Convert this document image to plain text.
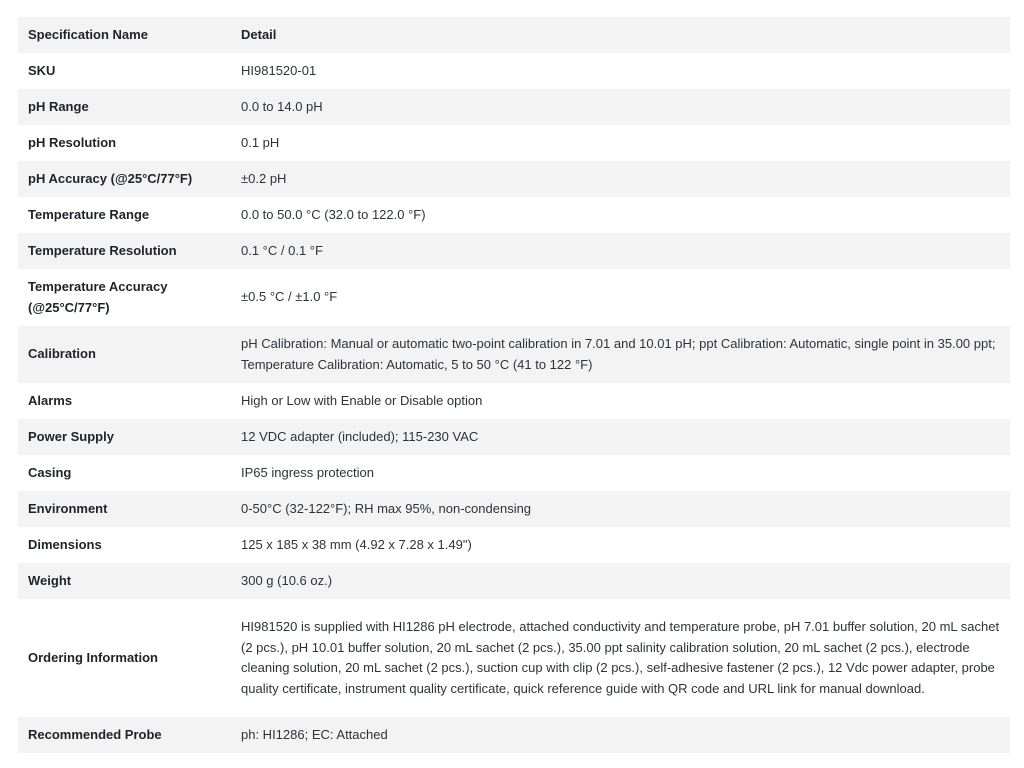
Specification Name	Detail
SKU	HI981520-01
pH Range	0.0 to 14.0 pH
pH Resolution	0.1 pH
pH Accuracy (@25°C/77°F)	±0.2 pH
Temperature Range	0.0 to 50.0 °C (32.0 to 122.0 °F)
Temperature Resolution	0.1 °C / 0.1 °F
Temperature Accuracy (@25°C/77°F)	±0.5 °C / ±1.0 °F
Calibration	pH Calibration: Manual or automatic two-point calibration in 7.01 and 10.01 pH; ppt Calibration: Automatic, single point in 35.00 ppt; Temperature Calibration: Automatic, 5 to 50 °C (41 to 122 °F)
Alarms	High or Low with Enable or Disable option
Power Supply	12 VDC adapter (included); 115-230 VAC
Casing	IP65 ingress protection
Environment	0-50°C (32-122°F); RH max 95%, non-condensing
Dimensions	125 x 185 x 38 mm (4.92 x 7.28 x 1.49")
Weight	300 g (10.6 oz.)
Ordering Information	HI981520 is supplied with HI1286 pH electrode, attached conductivity and temperature probe, pH 7.01 buffer solution, 20 mL sachet (2 pcs.), pH 10.01 buffer solution, 20 mL sachet (2 pcs.), 35.00 ppt salinity calibration solution, 20 mL sachet (2 pcs.), electrode cleaning solution, 20 mL sachet (2 pcs.), suction cup with clip (2 pcs.), self-adhesive fastener (2 pcs.), 12 Vdc power adapter, probe quality certificate, instrument quality certificate, quick reference guide with QR code and URL link for manual download.
Recommended Probe	ph: HI1286; EC: Attached
